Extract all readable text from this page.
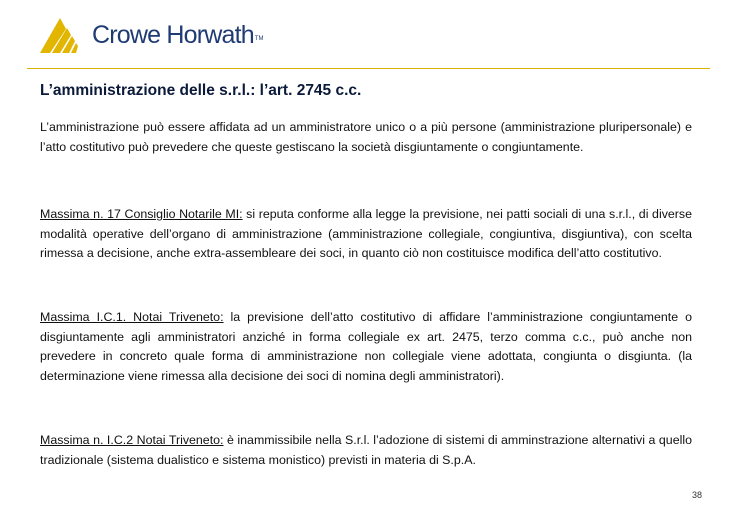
Crowe Horwath TM
L’amministrazione delle s.r.l.: l’art. 2745 c.c.

L’amministrazione può essere affidata ad un amministratore unico o a più persone (amministrazione pluripersonale) e l’atto costitutivo può prevedere che queste gestiscano la società disgiuntamente o congiuntamente.

Massima n. 17 Consiglio Notarile MI: si reputa conforme alla legge la previsione, nei patti sociali di una s.r.l., di diverse modalità operative dell’organo di amministrazione (amministrazione collegiale, congiuntiva, disgiuntiva), con scelta rimessa a decisione, anche extra-assembleare dei soci, in quanto ciò non costituisce modifica dell’atto costitutivo.

Massima I.C.1. Notai Triveneto: la previsione dell’atto costitutivo di affidare l’amministrazione congiuntamente o disgiuntamente agli amministratori anziché in forma collegiale ex art. 2475, terzo comma c.c., può anche non prevedere in concreto quale forma di amministrazione non collegiale viene adottata, congiunta o disgiunta. (la determinazione viene rimessa alla decisione dei soci di nomina degli amministratori).

Massima n. I.C.2 Notai Triveneto: è inammissibile nella S.r.l. l’adozione di sistemi di amminstrazione alternativi a quello tradizionale (sistema dualistico e sistema monistico) previsti in materia di S.p.A.

38
